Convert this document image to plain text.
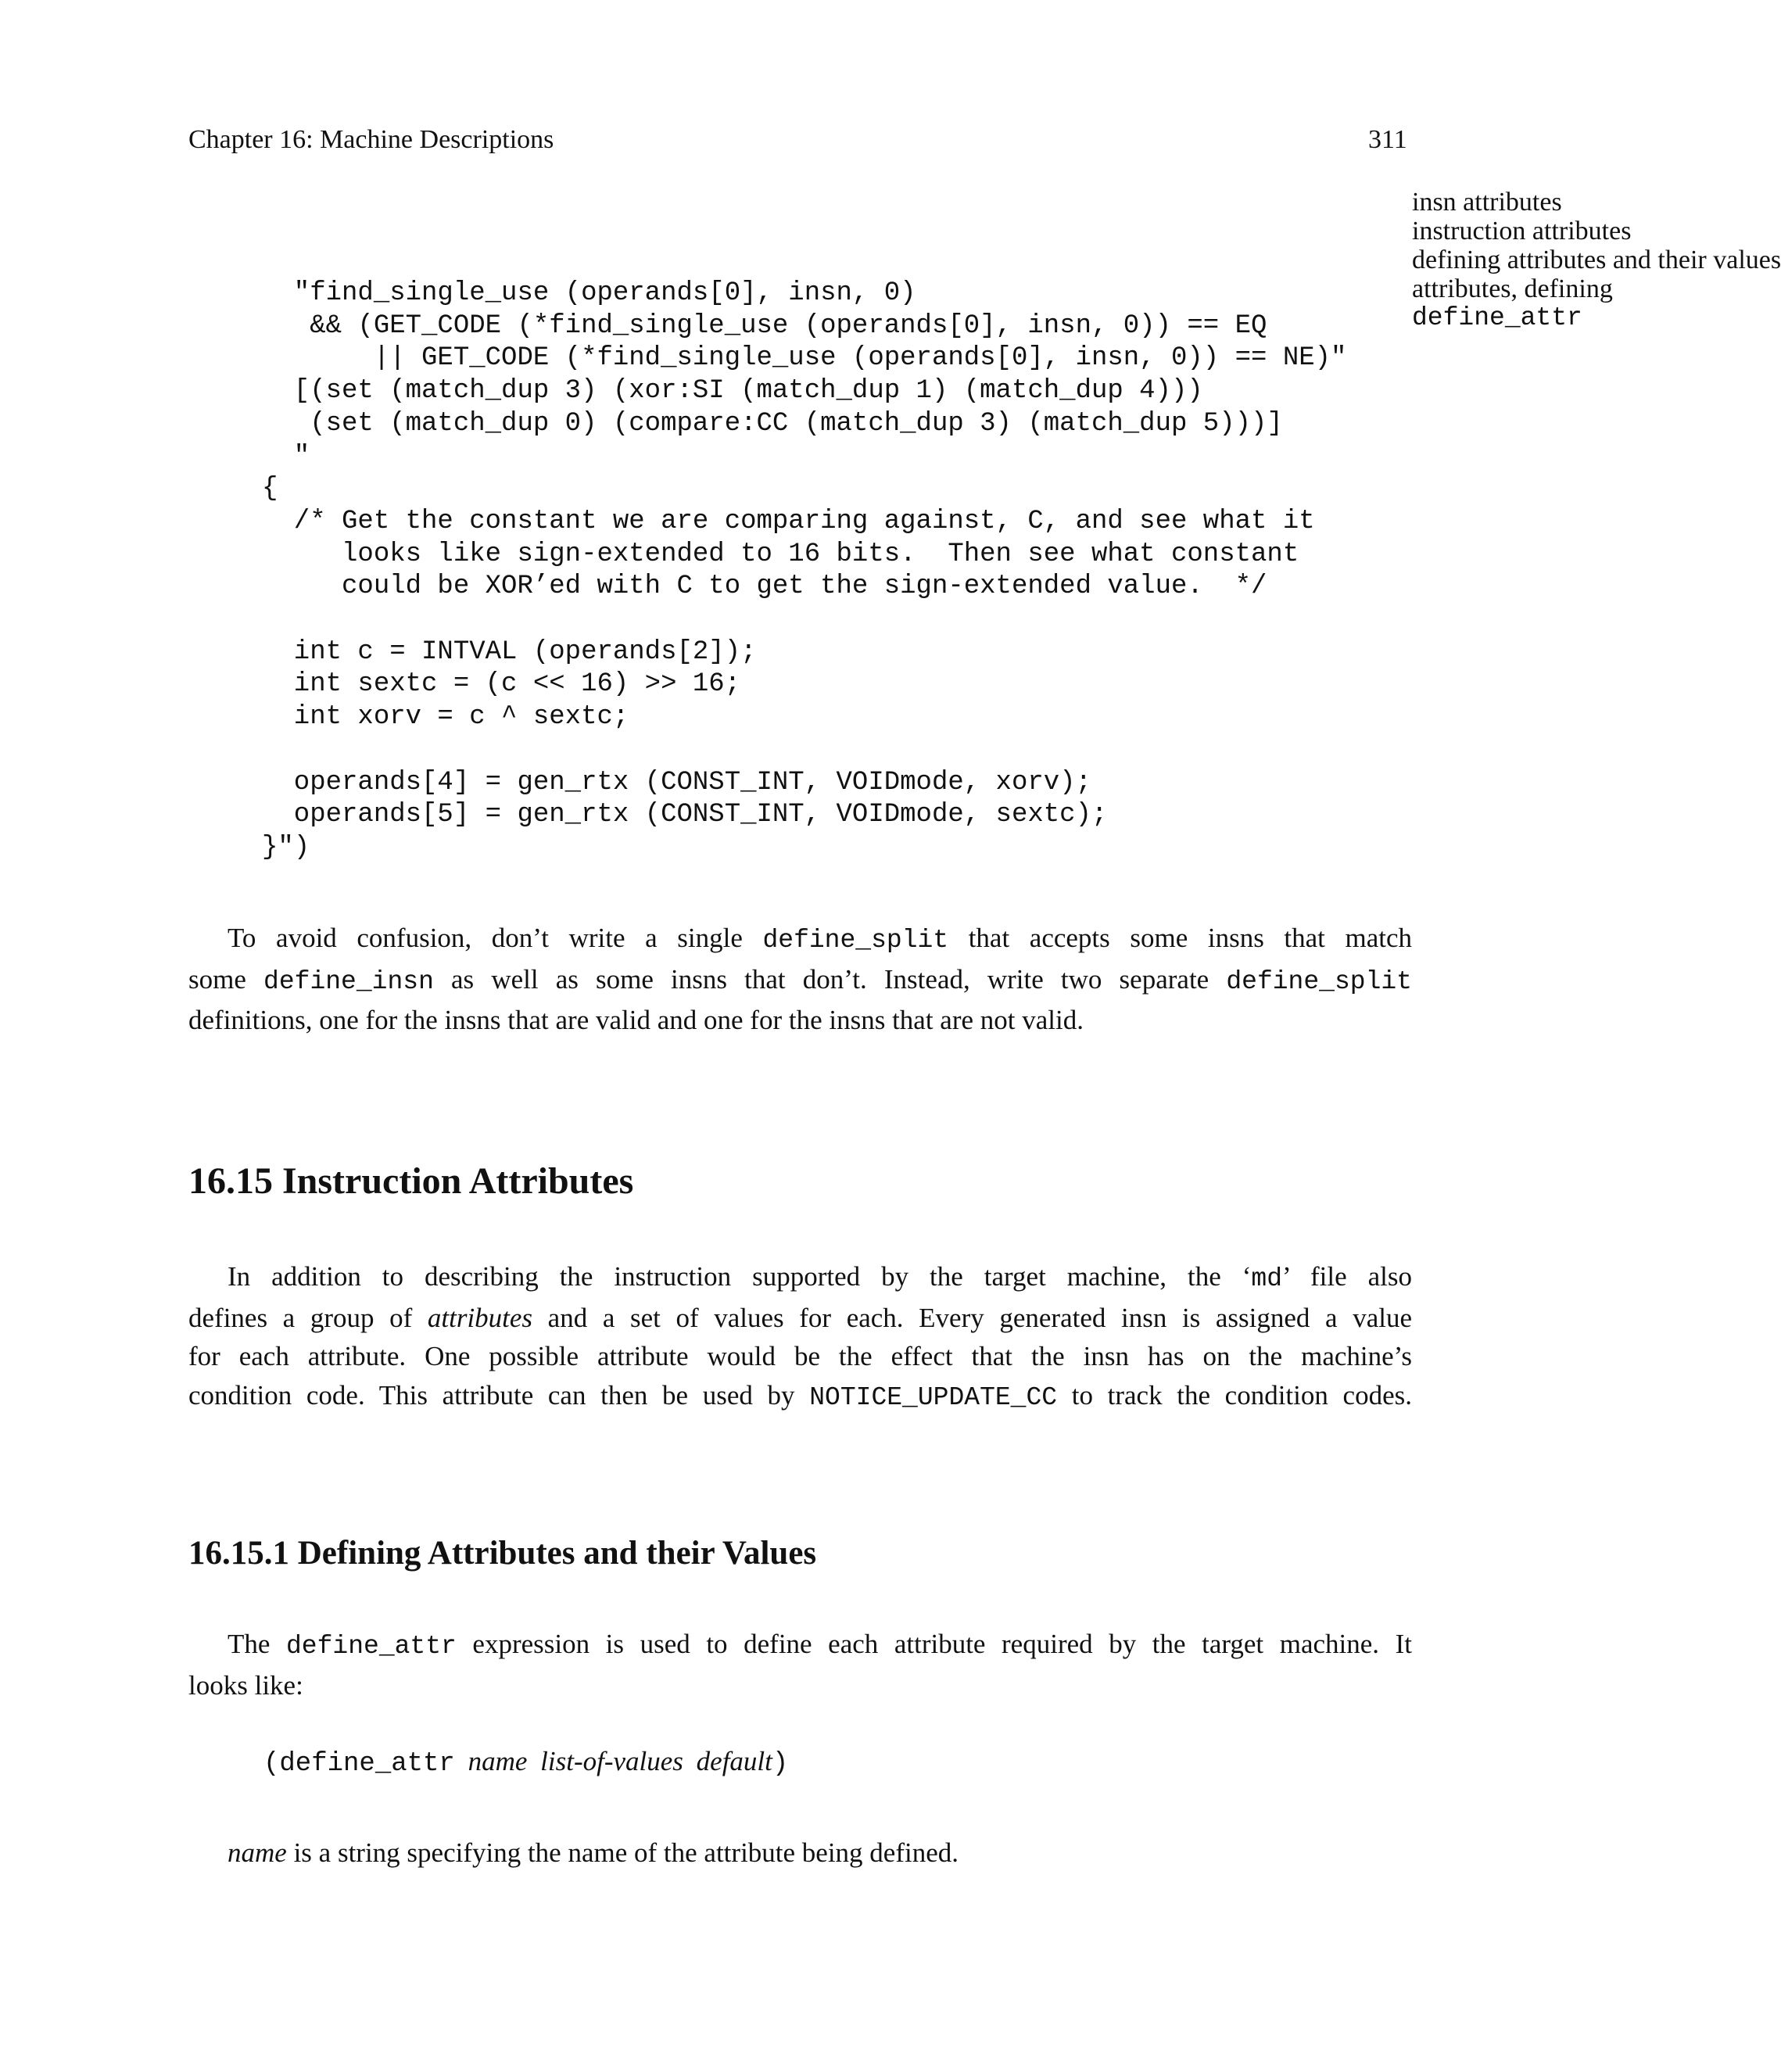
Chapter 16: Machine Descriptions	311
insn attributes
instruction attributes
defining attributes and their values
attributes, defining
define_attr
"find_single_use (operands[0], insn, 0)
&& (GET_CODE (*find_single_use (operands[0], insn, 0)) == EQ
|| GET_CODE (*find_single_use (operands[0], insn, 0)) == NE)"
[(set (match_dup 3) (xor:SI (match_dup 1) (match_dup 4)))
(set (match_dup 0) (compare:CC (match_dup 3) (match_dup 5)))]
"
{
/* Get the constant we are comparing against, C, and see what it
looks like sign-extended to 16 bits.  Then see what constant
could be XOR’ed with C to get the sign-extended value.  */

int c = INTVAL (operands[2]);
int sextc = (c << 16) >> 16;
int xorv = c ^ sextc;

operands[4] = gen_rtx (CONST_INT, VOIDmode, xorv);
operands[5] = gen_rtx (CONST_INT, VOIDmode, sextc);
}")
To avoid confusion, don’t write a single define_split that accepts some insns that match
some define_insn as well as some insns that don’t. Instead, write two separate define_split
definitions, one for the insns that are valid and one for the insns that are not valid.
16.15 Instruction Attributes
In addition to describing the instruction supported by the target machine, the ‘md’ file also
defines a group of attributes and a set of values for each. Every generated insn is assigned a value
for each attribute. One possible attribute would be the effect that the insn has on the machine’s
condition code. This attribute can then be used by NOTICE_UPDATE_CC to track the condition codes.
16.15.1 Defining Attributes and their Values
The define_attr expression is used to define each attribute required by the target machine. It
looks like:
(define_attr name list-of-values default)
name is a string specifying the name of the attribute being defined.
